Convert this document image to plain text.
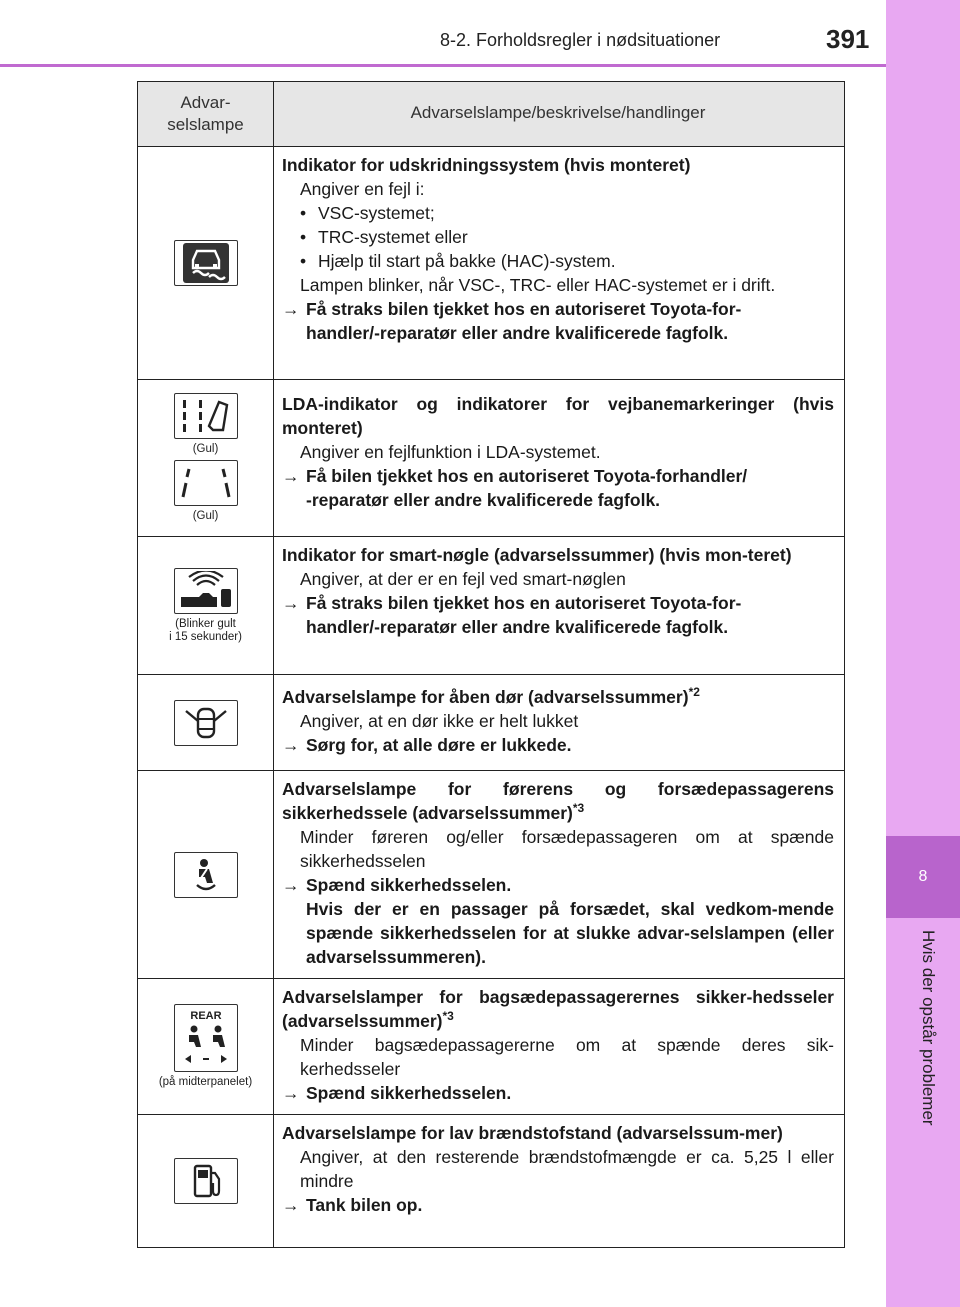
8-2. Forholdsregler i nødsituationer	391
8
Hvis der opstår problemer
Advar-
selslampe
Advarselslampe/beskrivelse/handlinger
Indikator for udskridningssystem (hvis monteret)
Angiver en fejl i:
• VSC-systemet;
• TRC-systemet eller
• Hjælp til start på bakke (HAC)-system.
Lampen blinker, når VSC-, TRC- eller HAC-systemet er i drift.
→ Få straks bilen tjekket hos en autoriseret Toyota-for-
handler/-reparatør eller andre kvalificerede fagfolk.
(Gul)
(Gul)
LDA-indikator og indikatorer for vejbanemarkeringer (hvis monteret)
Angiver en fejlfunktion i LDA-systemet.
→ Få bilen tjekket hos en autoriseret Toyota-forhandler/
-reparatør eller andre kvalificerede fagfolk.
(Blinker gult
i 15 sekunder)
Indikator for smart-nøgle (advarselssummer) (hvis mon-teret)
Angiver, at der er en fejl ved smart-nøglen
→ Få straks bilen tjekket hos en autoriseret Toyota-for-
handler/-reparatør eller andre kvalificerede fagfolk.
Advarselslampe for åben dør (advarselssummer)$^{*2}$
Angiver, at en dør ikke er helt lukket
→ Sørg for, at alle døre er lukkede.
Advarselslampe for førerens og forsædepassagerens sikkerhedssele (advarselssummer)$^{*3}$
Minder føreren og/eller forsædepassageren om at spænde sikkerhedsselen
→ Spænd sikkerhedsselen.
Hvis der er en passager på forsædet, skal vedkom-mende spænde sikkerhedsselen for at slukke advar-selslampen (eller advarselssummeren).
REAR
(på midterpanelet)
Advarselslamper for bagsædepassagerernes sikker-hedsseler (advarselssummer)$^{*3}$
Minder bagsædepassagererne om at spænde deres sik-kerhedsseler
→ Spænd sikkerhedsselen.
Advarselslampe for lav brændstofstand (advarselssum-mer)
Angiver, at den resterende brændstofmængde er ca. 5,25 l eller mindre
→ Tank bilen op.
